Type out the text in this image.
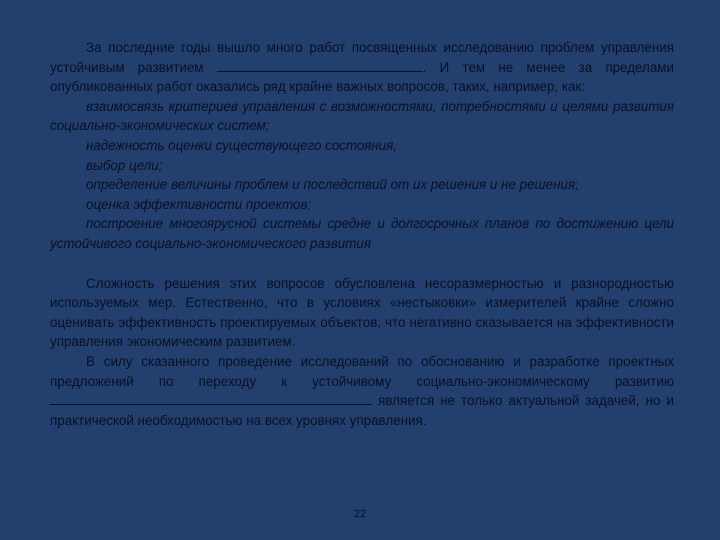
За последние годы вышло много работ посвященных исследованию проблем управления устойчивым развитием	. И тем не менее за пределами опубликованных работ оказались ряд крайне важных вопросов, таких, например, как:

взаимосвязь критериев управления с возможностями, потребностями и целями развития социально-экономических систем;

надежность оценки существующего состояния,

выбор цели;

определение величины проблем и последствий от их решения и не решения;

оценка эффективности проектов;

построение многоярусной системы средне и долгосрочных планов по достижению цели устойчивого социально-экономического развития

Сложность решения этих вопросов обусловлена несоразмерностью и разнородностью используемых мер. Естественно, что в условиях «нестыковки» измерителей крайне сложно оценивать эффективность проектируемых объектов, что негативно сказывается на эффективности управления экономическим развитием.

В силу сказанного проведение исследований по обоснованию и разработке проектных предложений по переходу к устойчивому социально-экономическому развитию  является не только актуальной задачей, но и практической необходимостью на всех уровнях управления.

22
